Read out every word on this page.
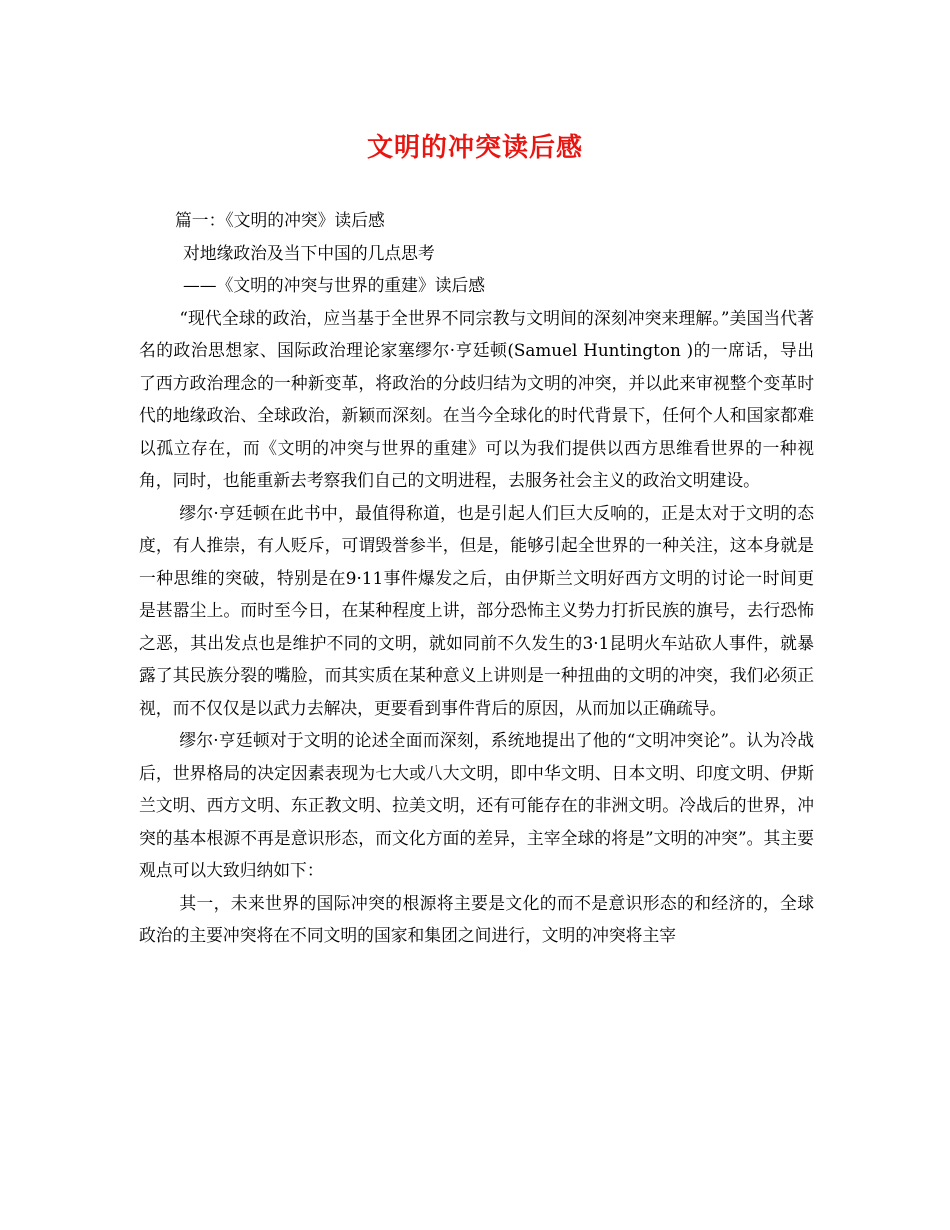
文明的冲突读后感

篇一：《文明的冲突》读后感

对地缘政治及当下中国的几点思考

——《文明的冲突与世界的重建》读后感

“现代全球的政治，应当基于全世界不同宗教与文明间的深刻冲突来理解。”美国当代著名的政治思想家、国际政治理论家塞缪尔·亨廷顿(Samuel Huntington )的一席话，导出了西方政治理念的一种新变革，将政治的分歧归结为文明的冲突，并以此来审视整个变革时代的地缘政治、全球政治，新颖而深刻。在当今全球化的时代背景下，任何个人和国家都难以孤立存在，而《文明的冲突与世界的重建》可以为我们提供以西方思维看世界的一种视角，同时，也能重新去考察我们自己的文明进程，去服务社会主义的政治文明建设。

缪尔·亨廷顿在此书中，最值得称道，也是引起人们巨大反响的，正是太对于文明的态度，有人推崇，有人贬斥，可谓毁誉参半，但是，能够引起全世界的一种关注，这本身就是一种思维的突破，特别是在9·11事件爆发之后，由伊斯兰文明好西方文明的讨论一时间更是甚嚣尘上。而时至今日，在某种程度上讲，部分恐怖主义势力打折民族的旗号，去行恐怖之恶，其出发点也是维护不同的文明，就如同前不久发生的3·1昆明火车站砍人事件，就暴露了其民族分裂的嘴脸，而其实质在某种意义上讲则是一种扭曲的文明的冲突，我们必须正视，而不仅仅是以武力去解决，更要看到事件背后的原因，从而加以正确疏导。

缪尔·亨廷顿对于文明的论述全面而深刻，系统地提出了他的“文明冲突论”。认为冷战后，世界格局的决定因素表现为七大或八大文明，即中华文明、日本文明、印度文明、伊斯兰文明、西方文明、东正教文明、拉美文明，还有可能存在的非洲文明。冷战后的世界，冲突的基本根源不再是意识形态，而文化方面的差异，主宰全球的将是”文明的冲突”。其主要观点可以大致归纳如下：

其一，未来世界的国际冲突的根源将主要是文化的而不是意识形态的和经济的，全球政治的主要冲突将在不同文明的国家和集团之间进行，文明的冲突将主宰
